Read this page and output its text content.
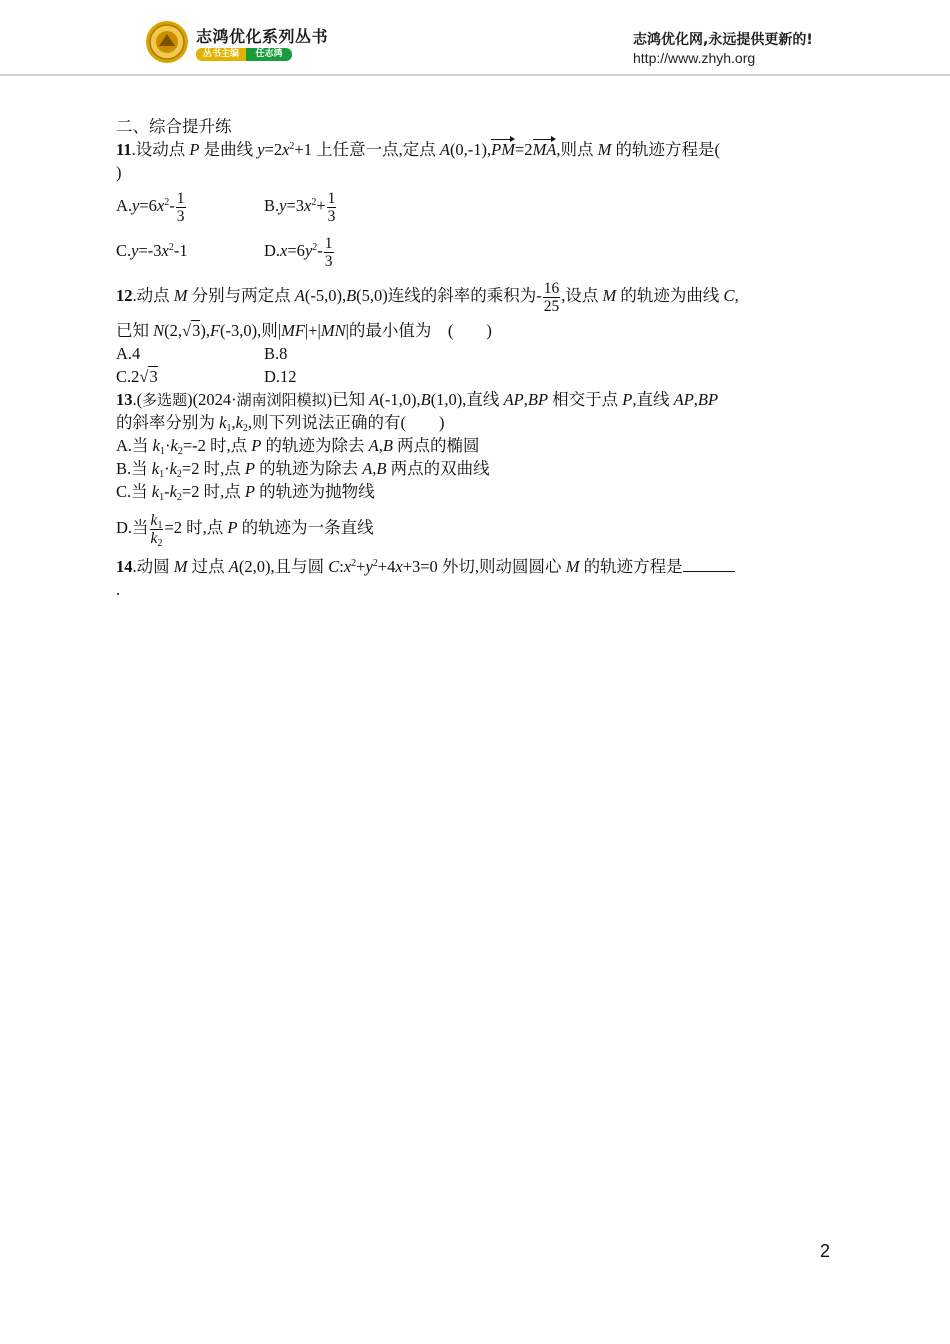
志鸿优化系列丛书
丛书主编	任志鸿
志鸿优化网,永远提供更新的!
http://www.zhyh.org
二、综合提升练
11.设动点 P 是曲线 $y=2x^2+1$ 上任意一点,定点 A(0,-1),PM=2MA,则点 M 的轨迹方程是(
)
$A.y=6x^2- \frac{1}{3}$	$B.y=3x^2+ \frac{1}{3}$
$C.y=-3x^2-1$	$D.x=6y^2- \frac{1}{3}$
12.动点 M 分别与两定点 A(-5,0),B(5,0)连线的斜率的乘积为- $\frac{16}{25}$ ,设点 M 的轨迹为曲线 C,
已知 N(2,√3),F(-3,0),则|MF|+|MN|的最小值为　(　　)
A.4	B.8
C.2√3	D.12
13.(多选题)(2024·湖南浏阳模拟)已知 A(-1,0),B(1,0),直线 AP,BP 相交于点 P,直线 AP,BP
的斜率分别为 $k_1,k_2$,则下列说法正确的有(　　)
A.当 $k_1\cdot k_2=-2$ 时,点 P 的轨迹为除去 A,B 两点的椭圆
B.当 $k_1\cdot k_2=2$ 时,点 P 的轨迹为除去 A,B 两点的双曲线
C.当 $k_1-k_2=2$ 时,点 P 的轨迹为抛物线
D.当 $\frac{k_1}{k_2} =2$ 时,点 P 的轨迹为一条直线
14.动圆 M 过点 A(2,0),且与圆 $C:x^2+y^2+4x+3=0$ 外切,则动圆圆心 M 的轨迹方程是
.
2
